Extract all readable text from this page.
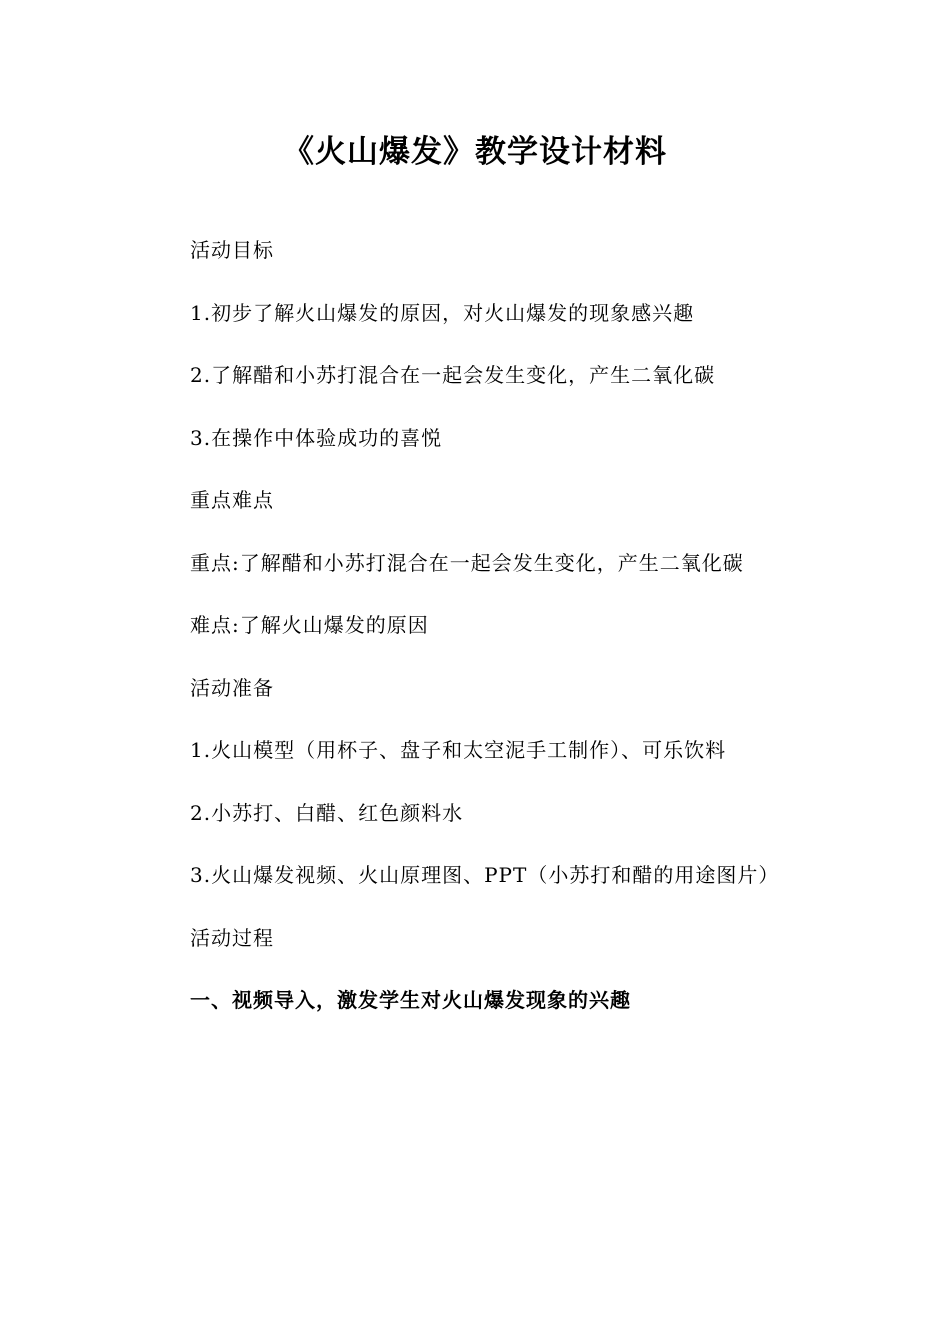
《火山爆发》教学设计材料
活动目标
1.初步了解火山爆发的原因，对火山爆发的现象感兴趣
2.了解醋和小苏打混合在一起会发生变化，产生二氧化碳
3.在操作中体验成功的喜悦
重点难点
重点:了解醋和小苏打混合在一起会发生变化，产生二氧化碳
难点:了解火山爆发的原因
活动准备
1.火山模型（用杯子、盘子和太空泥手工制作）、可乐饮料
2.小苏打、白醋、红色颜料水
3.火山爆发视频、火山原理图、PPT（小苏打和醋的用途图片）
活动过程
一、视频导入，激发学生对火山爆发现象的兴趣
